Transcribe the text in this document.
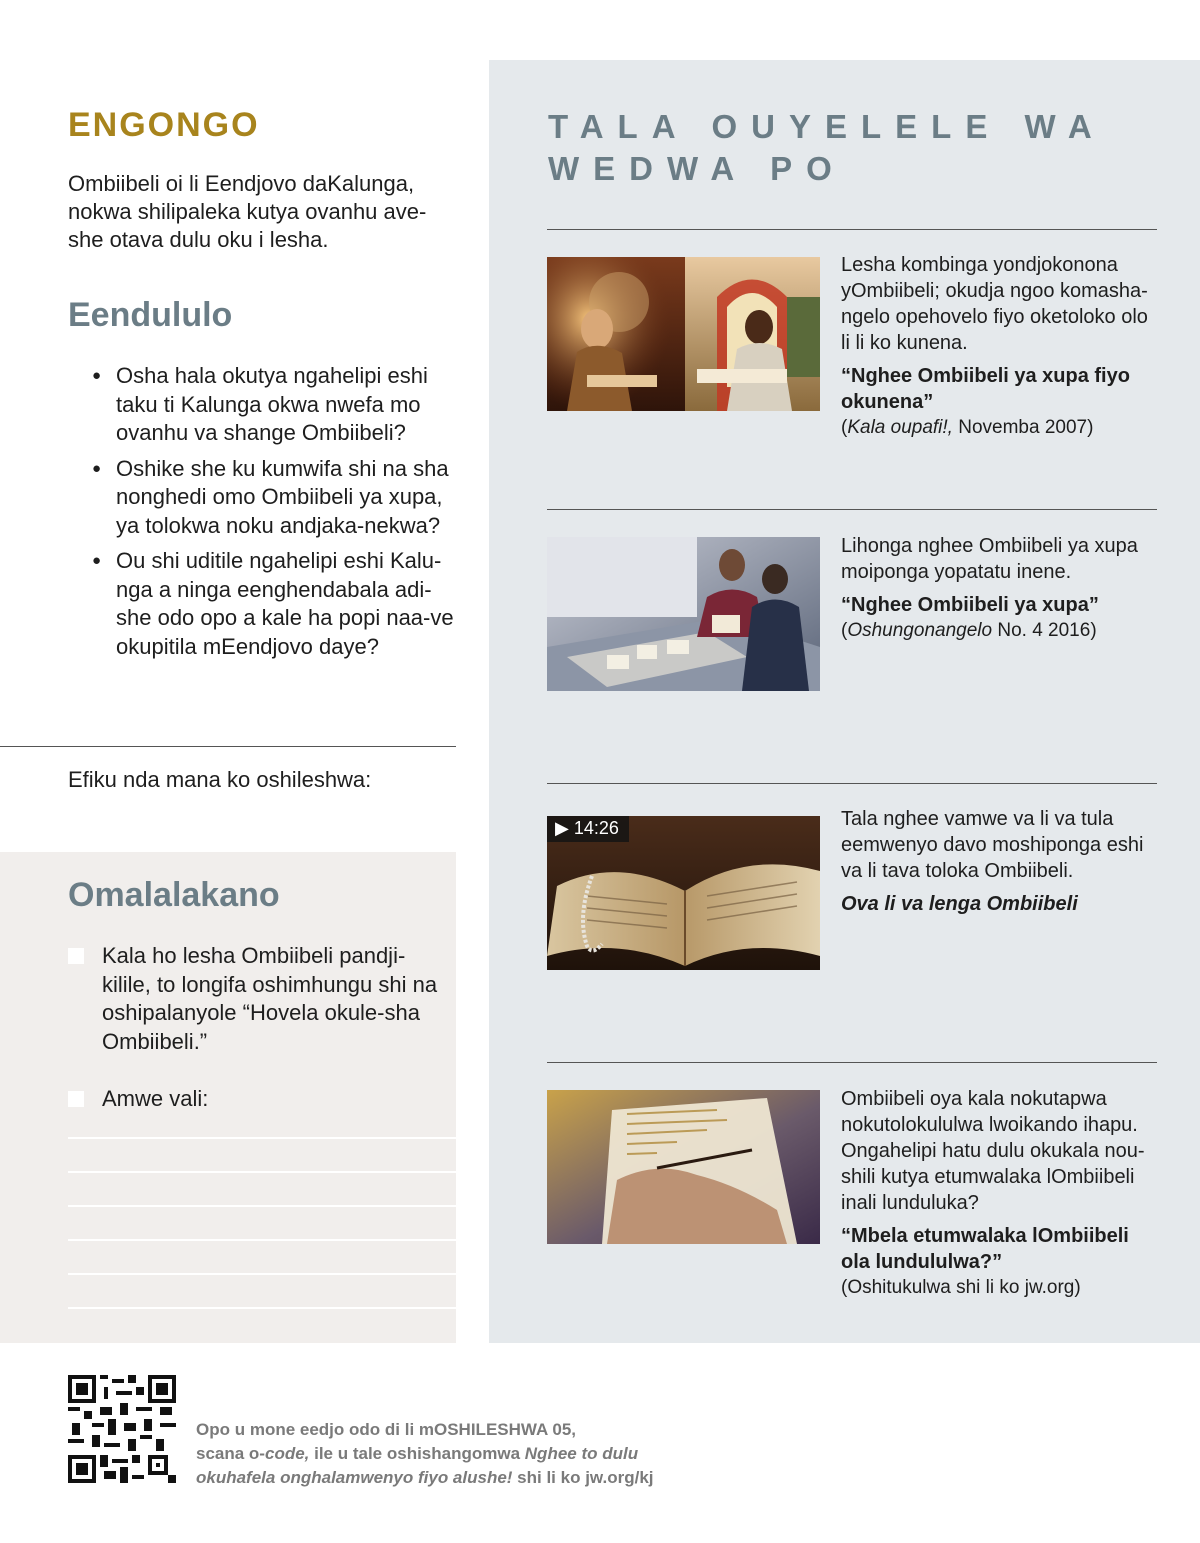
ENGONGO

Ombiibeli oi li Eendjovo daKalunga, nokwa shilipaleka kutya ovanhu ave-she otava dulu oku i lesha.

Eendululo
● Osha hala okutya ngahelipi eshi taku ti Kalunga okwa nwefa mo ovanhu va shange Ombiibeli?
● Oshike she ku kumwifa shi na sha nonghedi omo Ombiibeli ya xupa, ya tolokwa noku andjaka-nekwa?
● Ou shi uditile ngahelipi eshi Kalu-nga a ninga eenghendabala adi-she odo opo a kale ha popi naa-ve okupitila mEendjovo daye?

Efiku nda mana ko oshileshwa:

Omalalakano
Kala ho lesha Ombiibeli pandji-kilile, to longifa oshimhungu shi na oshipalanyole “Hovela okule-sha Ombiibeli.”
Amwe vali:
TALA OUYELELE WA WEDWA PO
Lesha kombinga yondjokonona yOmbiibeli; okudja ngoo komasha-ngelo opehovelo fiyo oketoloko olo li li ko kunena.
“Nghee Ombiibeli ya xupa fiyo okunena”
(Kala oupafi!, Novemba 2007)
Lihonga nghee Ombiibeli ya xupa moiponga yopatatu inene.
“Nghee Ombiibeli ya xupa”
(Oshungonangelo No. 4 2016)
▶ 14:26	Tala nghee vamwe va li va tula eemwenyo davo moshiponga eshi va li tava toloka Ombiibeli.
Ova li va lenga Ombiibeli
Ombiibeli oya kala nokutapwa nokutolokululwa lwoikando ihapu. Ongahelipi hatu dulu okukala nou-shili kutya etumwalaka lOmbiibeli inali lunduluka?
“Mbela etumwalaka lOmbiibeli ola lundululwa?”
(Oshitukulwa shi li ko jw.org)
Opo u mone eedjo odo di li mOSHILESHWA 05,
scana o-code, ile u tale oshishangomwa Nghee to dulu
okuhafela onghalamwenyo fiyo alushe! shi li ko jw.org/kj
